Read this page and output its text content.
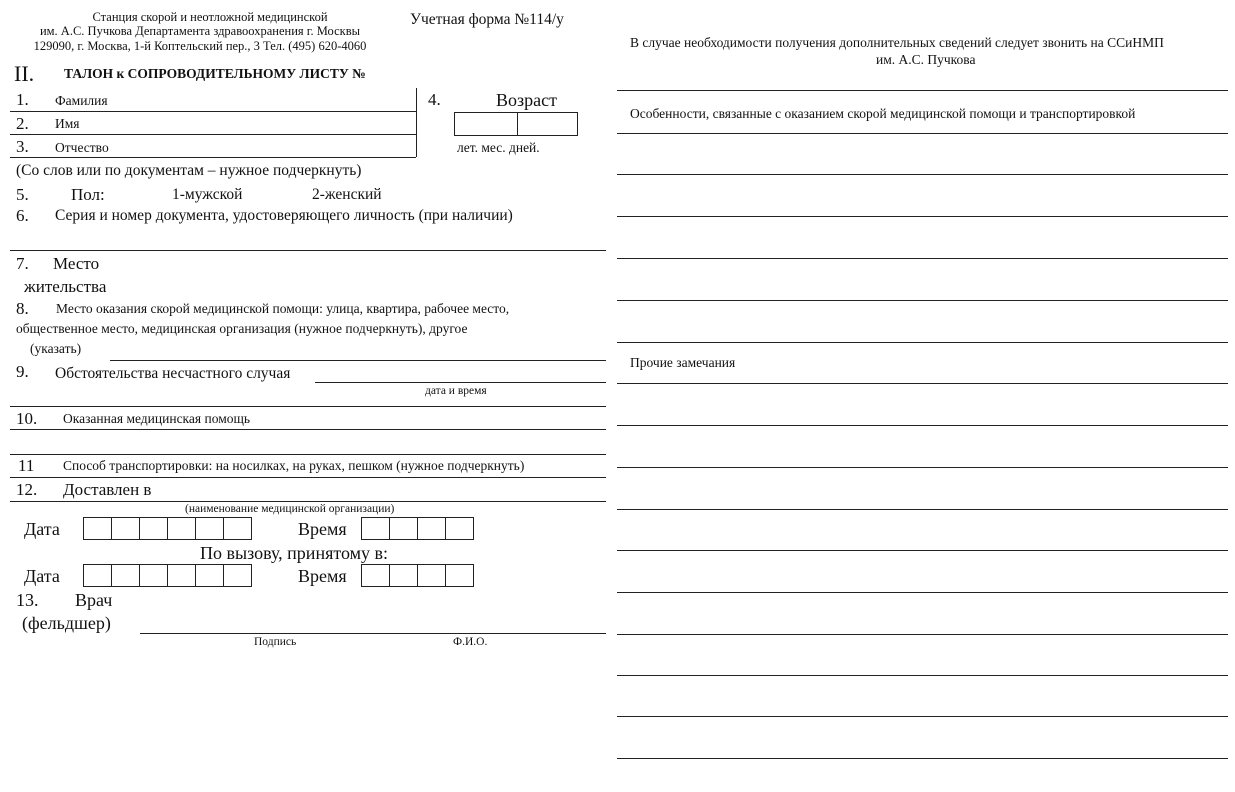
Станция скорой и неотложной медицинской
им. А.С. Пучкова Департамента здравоохранения г. Москвы
129090, г. Москва, 1-й Коптельский пер., 3 Тел. (495) 620-4060
Учетная форма №114/у
II. ТАЛОН к СОПРОВОДИТЕЛЬНОМУ ЛИСТУ №
1. Фамилия
2. Имя
3. Отчество
4.	Возраст
лет. мес. дней.
(Со слов или по документам – нужное подчеркнуть)
5. Пол:	1-мужской	2-женский
6. Серия и номер документа, удостоверяющего личность (при наличии)
7. Место
жительства
8. Место оказания скорой медицинской помощи: улица, квартира, рабочее место,
общественное место, медицинская организация (нужное подчеркнуть), другое
(указать)
9. Обстоятельства несчастного случая
дата и время
10. Оказанная медицинская помощь
11 Способ транспортировки: на носилках, на руках, пешком (нужное подчеркнуть)
12. Доставлен в
(наименование медицинской организации)
Дата	Время
По вызову, принятому в:
Дата	Время
13. Врач
(фельдшер)
Подпись	Ф.И.О.
В случае необходимости получения дополнительных сведений следует звонить на ССиНМП
им. А.С. Пучкова
Особенности, связанные с оказанием скорой медицинской помощи и транспортировкой
Прочие замечания
